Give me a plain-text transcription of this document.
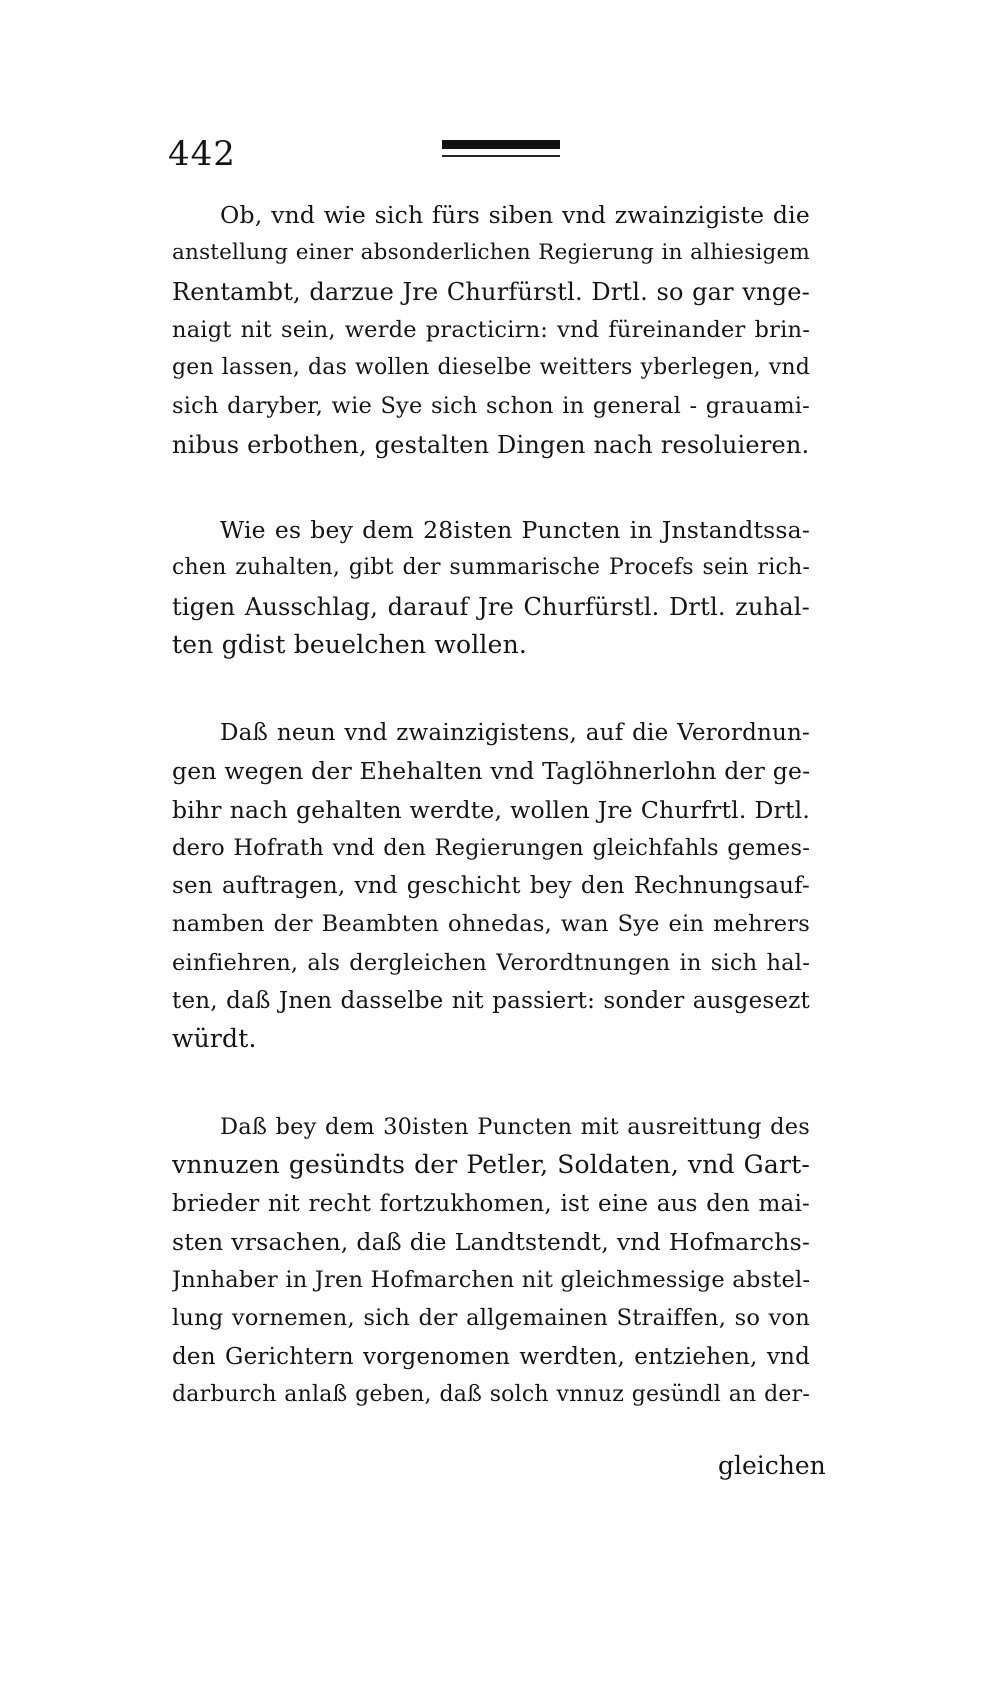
442
Ob, vnd wie sich fürs siben vnd zwainzigiste die
anstellung einer absonderlichen Regierung in alhiesigem
Rentambt, darzue Jre Churfürstl. Drtl. so gar vnge-
naigt nit sein, werde practicirn: vnd füreinander brin-
gen lassen, das wollen dieselbe weitters yberlegen, vnd
sich daryber, wie Sye sich schon in general - grauami-
nibus erbothen, gestalten Dingen nach resoluieren.
Wie es bey dem 28isten Puncten in Jnstandtssa-
chen zuhalten, gibt der summarische Procefs sein rich-
tigen Ausschlag, darauf Jre Churfürstl. Drtl. zuhal-
ten gdist beuelchen wollen.
Daß neun vnd zwainzigistens, auf die Verordnun-
gen wegen der Ehehalten vnd Taglöhnerlohn der ge-
bihr nach gehalten werdte, wollen Jre Churfrtl. Drtl.
dero Hofrath vnd den Regierungen gleichfahls gemes-
sen auftragen, vnd geschicht bey den Rechnungsauf-
namben der Beambten ohnedas, wan Sye ein mehrers
einfiehren, als dergleichen Verordtnungen in sich hal-
ten, daß Jnen dasselbe nit passiert: sonder ausgesezt
würdt.
Daß bey dem 30isten Puncten mit ausreittung des
vnnuzen gesündts der Petler, Soldaten, vnd Gart-
brieder nit recht fortzukhomen, ist eine aus den mai-
sten vrsachen, daß die Landtstendt, vnd Hofmarchs-
Jnnhaber in Jren Hofmarchen nit gleichmessige abstel-
lung vornemen, sich der allgemainen Straiffen, so von
den Gerichtern vorgenomen werdten, entziehen, vnd
darburch anlaß geben, daß solch vnnuz gesündl an der-
gleichen
